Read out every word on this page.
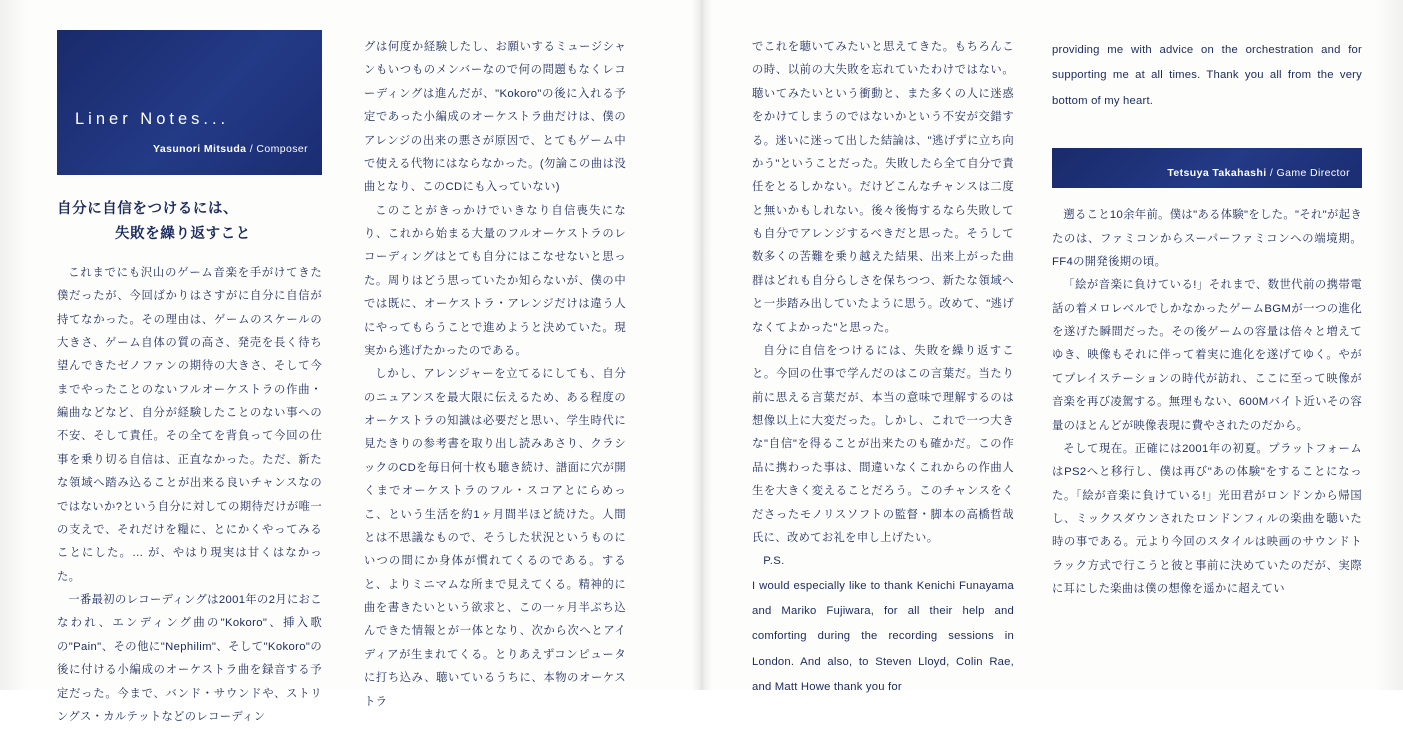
Liner Notes...
Yasunori Mitsuda / Composer
自分に自信をつけるには、
失敗を繰り返すこと

これまでにも沢山のゲーム音楽を手がけてきた僕だったが、今回ばかりはさすがに自分に自信が持てなかった。その理由は、ゲームのスケールの大きさ、ゲーム自体の質の高さ、発売を長く待ち望んできたゼノファンの期待の大きさ、そして今までやったことのないフルオーケストラの作曲・編曲などなど、自分が経験したことのない事への不安、そして責任。その全てを背負って今回の仕事を乗り切る自信は、正直なかった。ただ、新たな領域へ踏み込ることが出来る良いチャンスなのではないか?という自分に対しての期待だけが唯一の支えで、それだけを糧に、とにかくやってみることにした。… が、やはり現実は甘くはなかった。

一番最初のレコーディングは2001年の2月におこなわれ、エンディング曲の"Kokoro"、挿入歌の"Pain"、その他に"Nephilim"、そして"Kokoro"の後に付ける小編成のオーケストラ曲を録音する予定だった。今まで、バンド・サウンドや、ストリングス・カルテットなどのレコーディン

グは何度か経験したし、お願いするミュージシャンもいつものメンバーなので何の問題もなくレコーディングは進んだが、"Kokoro"の後に入れる予定であった小編成のオーケストラ曲だけは、僕のアレンジの出来の悪さが原因で、とてもゲーム中で使える代物にはならなかった。(勿論この曲は没曲となり、このCDにも入っていない)

このことがきっかけでいきなり自信喪失になり、これから始まる大量のフルオーケストラのレコーディングはとても自分にはこなせないと思った。周りはどう思っていたか知らないが、僕の中では既に、オーケストラ・アレンジだけは違う人にやってもらうことで進めようと決めていた。現実から逃げたかったのである。

しかし、アレンジャーを立てるにしても、自分のニュアンスを最大限に伝えるため、ある程度のオーケストラの知識は必要だと思い、学生時代に見たきりの参考書を取り出し読みあさり、クラシックのCDを毎日何十枚も聴き続け、譜面に穴が開くまでオーケストラのフル・スコアとにらめっこ、という生活を約1ヶ月間半ほど続けた。人間とは不思議なもので、そうした状況というものにいつの間にか身体が慣れてくるのである。すると、よりミニマムな所まで見えてくる。精神的に曲を書きたいという欲求と、この一ヶ月半ぶち込んできた情報とが一体となり、次から次へとアイディアが生まれてくる。とりあえずコンピュータに打ち込み、聴いているうちに、本物のオーケストラ

でこれを聴いてみたいと思えてきた。もちろんこの時、以前の大失敗を忘れていたわけではない。聴いてみたいという衝動と、また多くの人に迷惑をかけてしまうのではないかという不安が交錯する。迷いに迷って出した結論は、"逃げずに立ち向かう"ということだった。失敗したら全て自分で責任をとるしかない。だけどこんなチャンスは二度と無いかもしれない。後々後悔するなら失敗しても自分でアレンジするべきだと思った。そうして数多くの苦難を乗り越えた結果、出来上がった曲群はどれも自分らしさを保ちつつ、新たな領域へと一歩踏み出していたように思う。改めて、"逃げなくてよかった"と思った。

自分に自信をつけるには、失敗を繰り返すこと。今回の仕事で学んだのはこの言葉だ。当たり前に思える言葉だが、本当の意味で理解するのは想像以上に大変だった。しかし、これで一つ大きな"自信"を得ることが出来たのも確かだ。この作品に携わった事は、間違いなくこれからの作曲人生を大きく変えることだろう。このチャンスをくださったモノリスソフトの監督・脚本の高橋哲哉氏に、改めてお礼を申し上げたい。

P.S.

I would especially like to thank Kenichi Funayama and Mariko Fujiwara, for all their help and comforting during the recording sessions in London. And also, to Steven Lloyd, Colin Rae, and Matt Howe thank you for

providing me with advice on the orchestration and for supporting me at all times. Thank you all from the very bottom of my heart.

Tetsuya Takahashi / Game Director

遡ること10余年前。僕は"ある体験"をした。"それ"が起きたのは、ファミコンからスーパーファミコンへの端境期。FF4の開発後期の頃。

「絵が音楽に負けている!」それまで、数世代前の携帯電話の着メロレベルでしかなかったゲームBGMが一つの進化を遂げた瞬間だった。その後ゲームの容量は倍々と増えてゆき、映像もそれに伴って着実に進化を遂げてゆく。やがてプレイステーションの時代が訪れ、ここに至って映像が音楽を再び凌駕する。無理もない、600Mバイト近いその容量のほとんどが映像表現に費やされたのだから。

そして現在。正確には2001年の初夏。プラットフォームはPS2へと移行し、僕は再び"あの体験"をすることになった。「絵が音楽に負けている!」光田君がロンドンから帰国し、ミックスダウンされたロンドンフィルの楽曲を聴いた時の事である。元より今回のスタイルは映画のサウンドトラック方式で行こうと彼と事前に決めていたのだが、実際に耳にした楽曲は僕の想像を遥かに超えてい
